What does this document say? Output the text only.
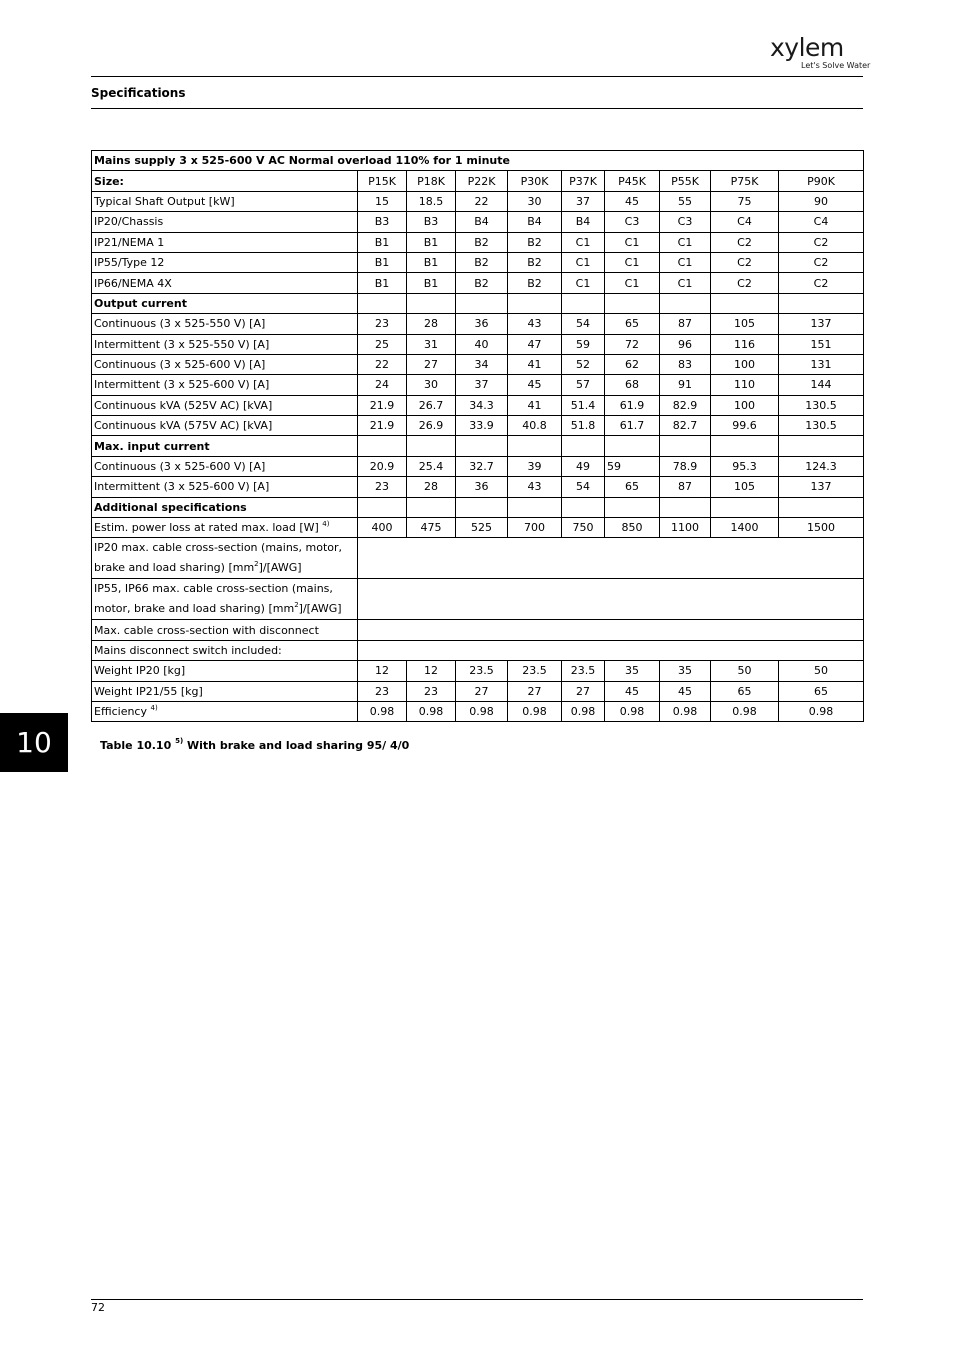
xylem
Let's Solve Water
Specifications
Mains supply 3 x 525-600 V AC Normal overload 110% for 1 minute									
Size:	P15K	P18K	P22K	P30K	P37K	P45K	P55K	P75K	P90K
Typical Shaft Output [kW]	15	18.5	22	30	37	45	55	75	90
IP20/Chassis	B3	B3	B4	B4	B4	C3	C3	C4	C4
IP21/NEMA 1	B1	B1	B2	B2	C1	C1	C1	C2	C2
IP55/Type 12	B1	B1	B2	B2	C1	C1	C1	C2	C2
IP66/NEMA 4X	B1	B1	B2	B2	C1	C1	C1	C2	C2
Output current									
Continuous (3 x 525-550 V) [A]	23	28	36	43	54	65	87	105	137
Intermittent (3 x 525-550 V) [A]	25	31	40	47	59	72	96	116	151
Continuous (3 x 525-600 V) [A]	22	27	34	41	52	62	83	100	131
Intermittent (3 x 525-600 V) [A]	24	30	37	45	57	68	91	110	144
Continuous kVA (525V AC) [kVA]	21.9	26.7	34.3	41	51.4	61.9	82.9	100	130.5
Continuous kVA (575V AC) [kVA]	21.9	26.9	33.9	40.8	51.8	61.7	82.7	99.6	130.5
Max. input current									
Continuous (3 x 525-600 V) [A]	20.9	25.4	32.7	39	49	59	78.9	95.3	124.3
Intermittent (3 x 525-600 V) [A]	23	28	36	43	54	65	87	105	137
Additional specifications									
Estim. power loss at rated max. load [W] $^{4)}$	400	475	525	700	750	850	1100	1400	1500
IP20 max. cable cross-section (mains, motor, brake and load sharing) $[mm^2]/[AWG]$									
IP55, IP66 max. cable cross-section (mains, motor, brake and load sharing) $[mm^2]/[AWG]$									
Max. cable cross-section with disconnect									
Mains disconnect switch included:									
Weight IP20 [kg]	12	12	23.5	23.5	23.5	35	35	50	50
Weight IP21/55 [kg]	23	23	27	27	27	45	45	65	65
Efficiency $^{4)}$	0.98	0.98	0.98	0.98	0.98	0.98	0.98	0.98	0.98
Table 10.10 $^{5)}$ With brake and load sharing 95/ 4/0
10
72
